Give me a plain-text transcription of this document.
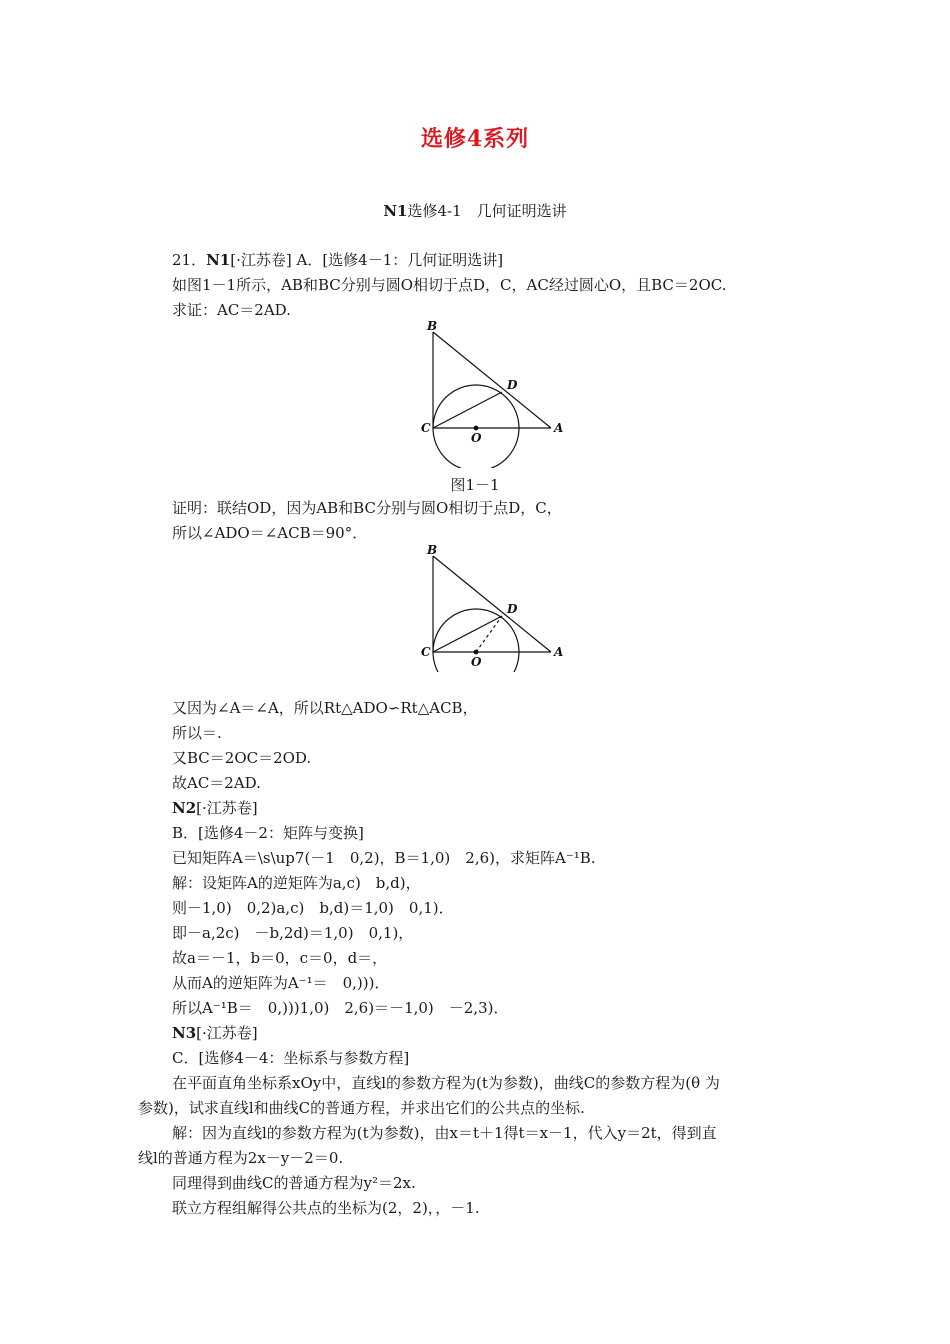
选修4系列
N1选修4-1　几何证明选讲
21．N1[·江苏卷] A．[选修4－1：几何证明选讲]
如图1－1所示，AB和BC分别与圆O相切于点D，C，AC经过圆心O，且BC＝2OC.
求证：AC＝2AD.
B
D
C
O
A
图1－1
证明：联结OD，因为AB和BC分别与圆O相切于点D，C，
所以∠ADO＝∠ACB＝90°．
B
D
C
O
A
又因为∠A＝∠A，所以Rt△ADO∽Rt△ACB，
所以＝.
又BC＝2OC＝2OD.
故AC＝2AD.
N2[·江苏卷]
B．[选修4－2：矩阵与变换]
已知矩阵A＝\s\up7(－1　0,2)，B＝1,0)　2,6)，求矩阵A⁻¹B.
解：设矩阵A的逆矩阵为a,c)　b,d)，
则－1,0)　0,2)a,c)　b,d)＝1,0)　0,1)．
即－a,2c)　－b,2d)＝1,0)　0,1)，
故a＝－1，b＝0，c＝0，d＝，
从而A的逆矩阵为A⁻¹＝　0,)))．
所以A⁻¹B＝　0,)))1,0)　2,6)＝－1,0)　－2,3)．
N3[·江苏卷]
C．[选修4－4：坐标系与参数方程]
在平面直角坐标系xOy中，直线l的参数方程为(t为参数)，曲线C的参数方程为(θ 为
参数)，试求直线l和曲线C的普通方程，并求出它们的公共点的坐标.
解：因为直线l的参数方程为(t为参数)，由x＝t＋1得t＝x－1，代入y＝2t，得到直
线l的普通方程为2x－y－2＝0.
同理得到曲线C的普通方程为y²＝2x.
联立方程组解得公共点的坐标为(2，2)，，－1.
